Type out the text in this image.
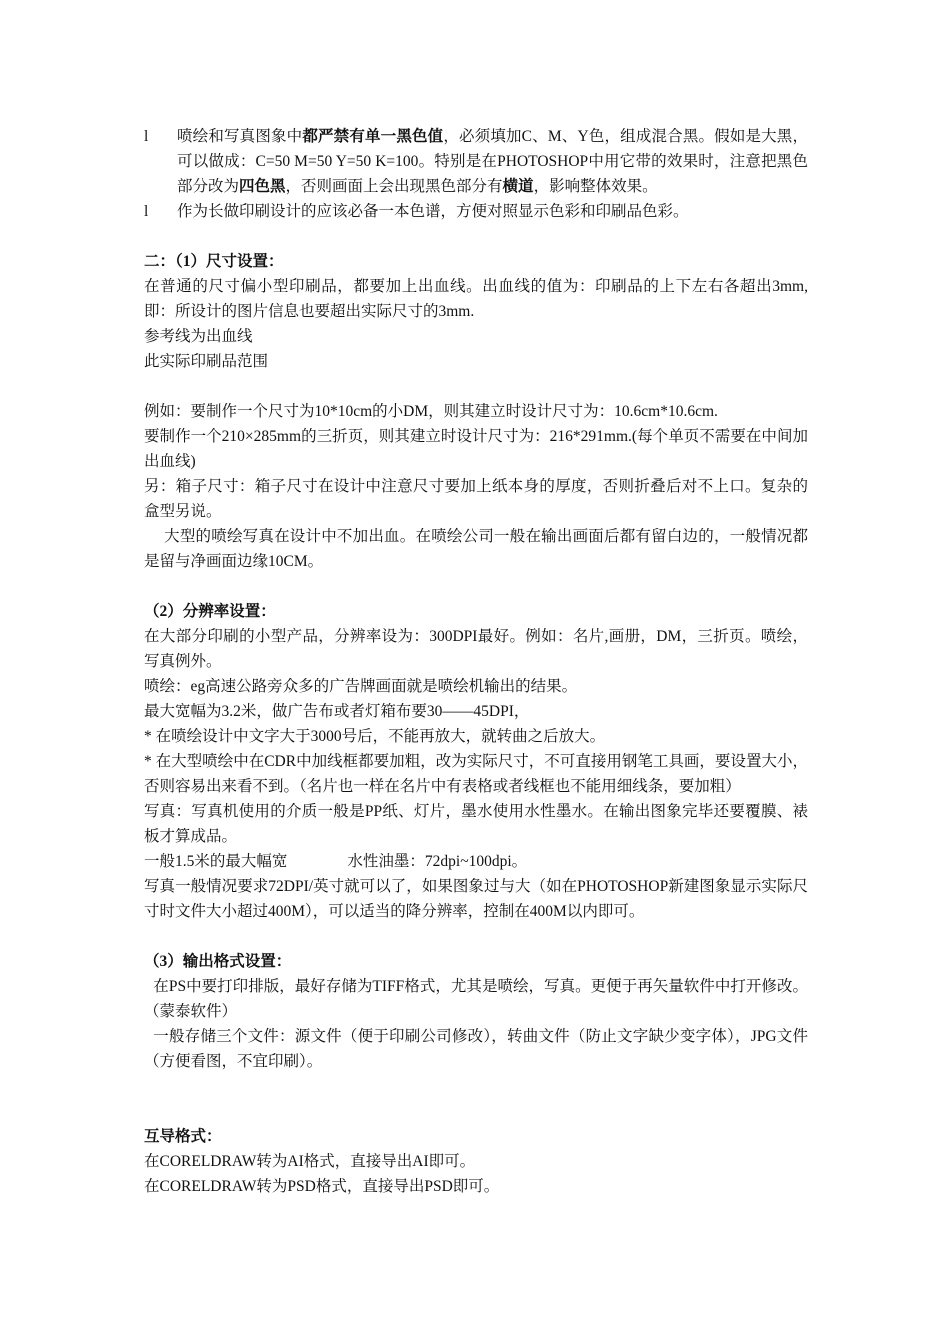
l	喷绘和写真图象中都严禁有单一黑色值，必须填加C、M、Y色，组成混合黑。假如是大黑，可以做成：C=50 M=50 Y=50 K=100。特别是在PHOTOSHOP中用它带的效果时，注意把黑色部分改为四色黑，否则画面上会出现黑色部分有横道，影响整体效果。
l	作为长做印刷设计的应该必备一本色谱，方便对照显示色彩和印刷品色彩。

二：（1）尺寸设置：

在普通的尺寸偏小型印刷品，都要加上出血线。出血线的值为：印刷品的上下左右各超出3mm, 即：所设计的图片信息也要超出实际尺寸的3mm.

参考线为出血线

此实际印刷品范围

例如：要制作一个尺寸为10*10cm的小DM，则其建立时设计尺寸为：10.6cm*10.6cm.

要制作一个210×285mm的三折页，则其建立时设计尺寸为：216*291mm.(每个单页不需要在中间加出血线)

另：箱子尺寸：箱子尺寸在设计中注意尺寸要加上纸本身的厚度，否则折叠后对不上口。复杂的盒型另说。

大型的喷绘写真在设计中不加出血。在喷绘公司一般在输出画面后都有留白边的，一般情况都是留与净画面边缘10CM。

（2）分辨率设置：

在大部分印刷的小型产品，分辨率设为：300DPI最好。例如：名片,画册，DM，三折页。喷绘，写真例外。

喷绘：eg高速公路旁众多的广告牌画面就是喷绘机输出的结果。

最大宽幅为3.2米，做广告布或者灯箱布要30——45DPI，

* 在喷绘设计中文字大于3000号后，不能再放大，就转曲之后放大。

* 在大型喷绘中在CDR中加线框都要加粗，改为实际尺寸，不可直接用钢笔工具画，要设置大小，否则容易出来看不到。（名片也一样在名片中有表格或者线框也不能用细线条，要加粗）

写真：写真机使用的介质一般是PP纸、灯片，墨水使用水性墨水。在输出图象完毕还要覆膜、裱板才算成品。

一般1.5米的最大幅宽	水性油墨：72dpi~100dpi。

写真一般情况要求72DPI/英寸就可以了，如果图象过与大（如在PHOTOSHOP新建图象显示实际尺寸时文件大小超过400M），可以适当的降分辨率，控制在400M以内即可。

（3）输出格式设置：

在PS中要打印排版，最好存储为TIFF格式，尤其是喷绘，写真。更便于再矢量软件中打开修改。（蒙泰软件）

一般存储三个文件：源文件（便于印刷公司修改），转曲文件（防止文字缺少变字体），JPG文件（方便看图，不宜印刷）。

互导格式：

在CORELDRAW转为AI格式，直接导出AI即可。

在CORELDRAW转为PSD格式，直接导出PSD即可。
